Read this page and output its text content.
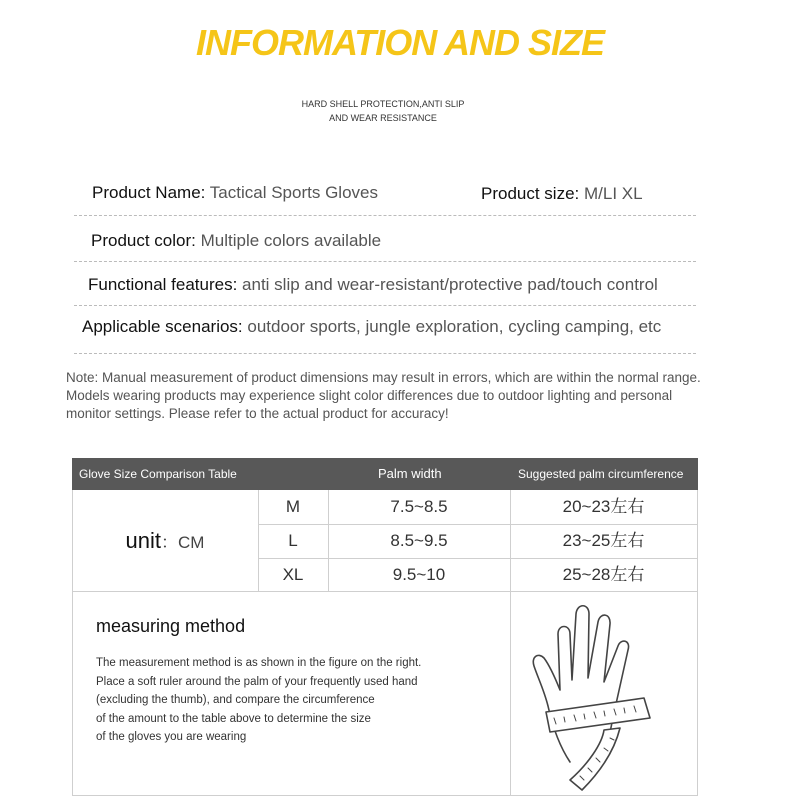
INFORMATION AND SIZE
HARD SHELL PROTECTION,ANTI SLIP
AND WEAR RESISTANCE
Product Name: Tactical Sports Gloves	Product size: M/LI XL
Product color: Multiple colors available
Functional features: anti slip and wear-resistant/protective pad/touch control
Applicable scenarios: outdoor sports, jungle exploration, cycling camping, etc
Note: Manual measurement of product dimensions may result in errors, which are within the normal range.
Models wearing products may experience slight color differences due to outdoor lighting and personal
monitor settings. Please refer to the actual product for accuracy!
Glove Size Comparison Table	Palm width	Suggested palm circumference
unit：CM
M	7.5~8.5	20~23左右
L	8.5~9.5	23~25左右
XL	9.5~10	25~28左右
measuring method
The measurement method is as shown in the figure on the right.
Place a soft ruler around the palm of your frequently used hand
(excluding the thumb), and compare the circumference
of the amount to the table above to determine the size
of the gloves you are wearing
